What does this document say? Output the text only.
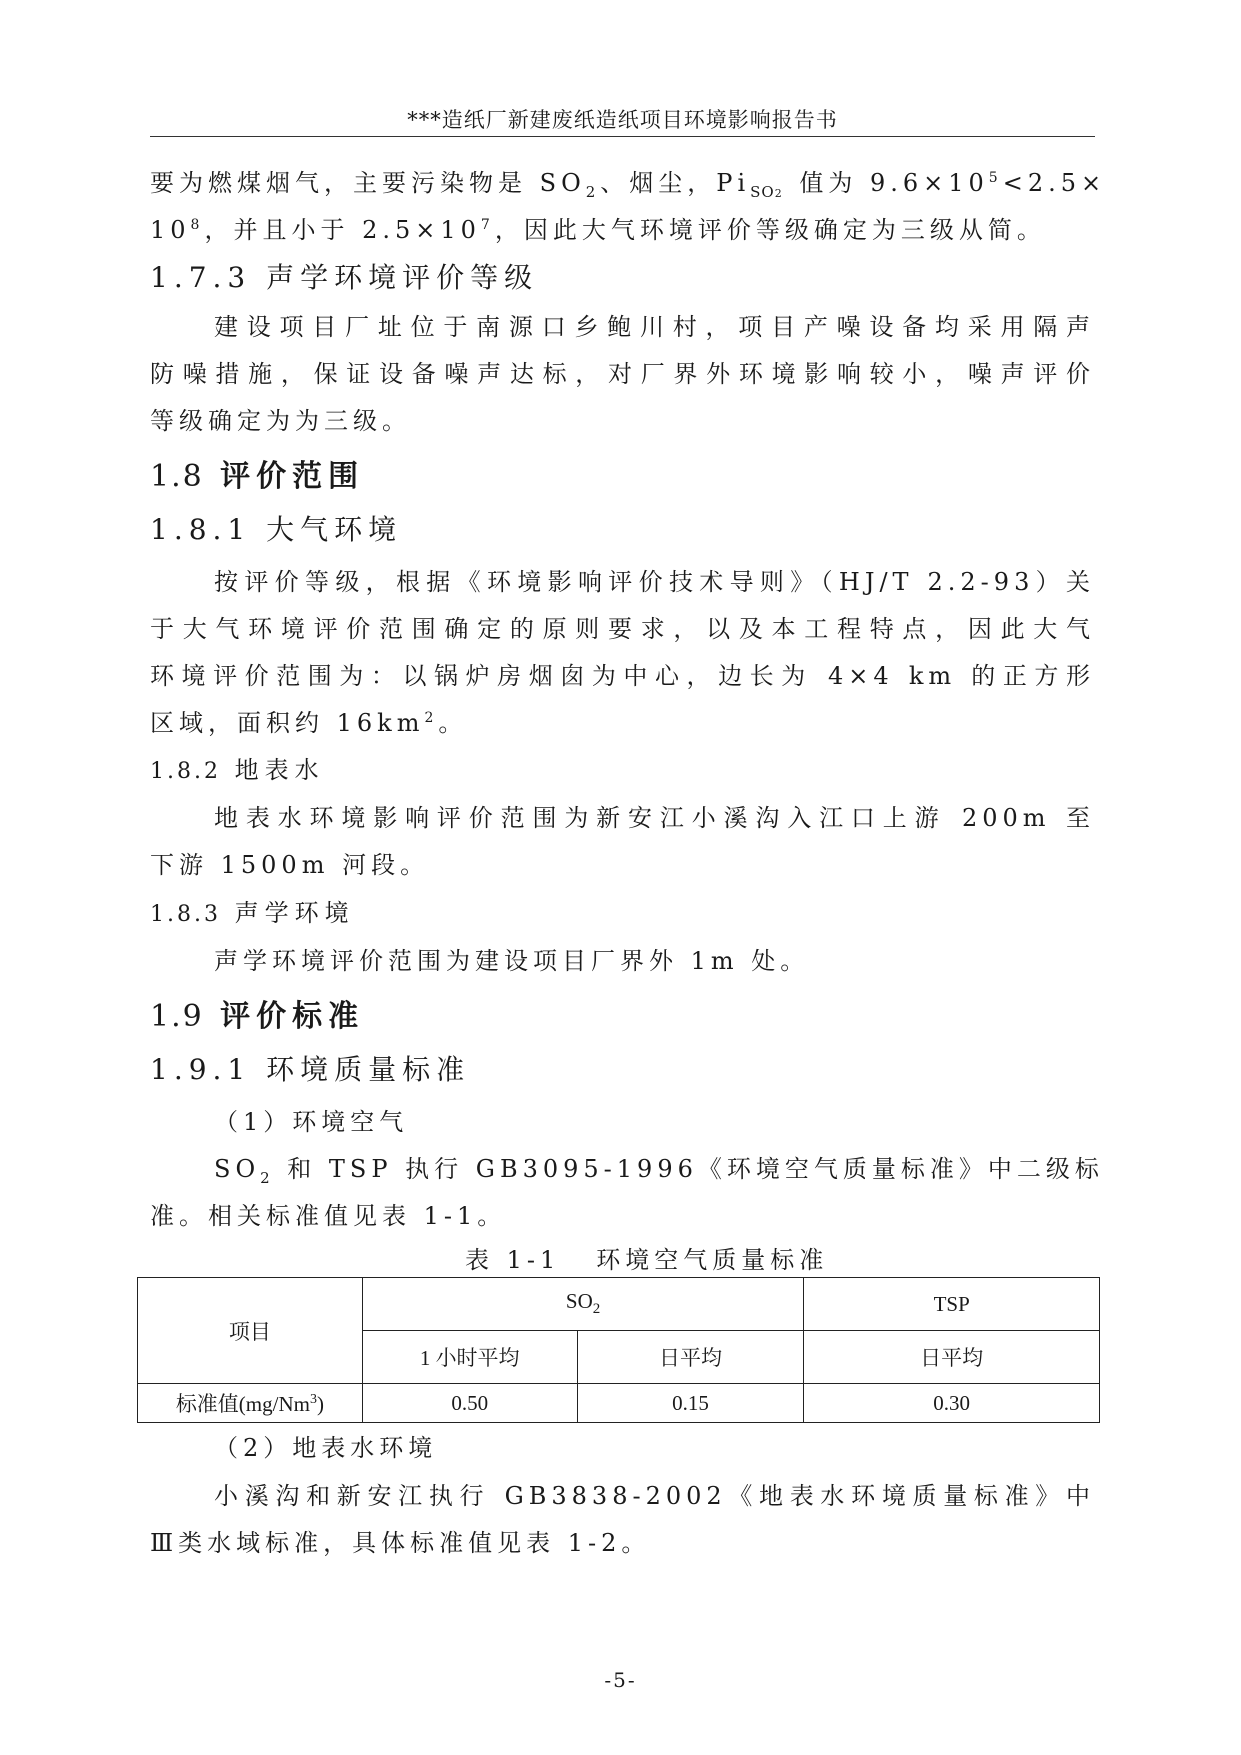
***造纸厂新建废纸造纸项目环境影响报告书
要为燃煤烟气，主要污染物是 $SO_2$、烟尘，$Pi_{SO2}$ 值为 $9.6\times 10^5<2.5\times$
$10^8$，并且小于 $2.5\times 10^7$，因此大气环境评价等级确定为三级从简。
1.7.3 声学环境评价等级
建设项目厂址位于南源口乡鲍川村，项目产噪设备均采用隔声
防噪措施，保证设备噪声达标，对厂界外环境影响较小，噪声评价
等级确定为为三级。
1.8 评价范围
1.8.1 大气环境
按评价等级，根据《环境影响评价技术导则》（HJ/T 2.2-93）关
于大气环境评价范围确定的原则要求，以及本工程特点，因此大气
环境评价范围为：以锅炉房烟囱为中心，边长为 4×4 km 的正方形
区域，面积约 $16km^2$。
1.8.2 地表水
地表水环境影响评价范围为新安江小溪沟入江口上游 200m 至
下游 1500m 河段。
1.8.3 声学环境
声学环境评价范围为建设项目厂界外 1m 处。
1.9 评价标准
1.9.1 环境质量标准
（1）环境空气
$SO_2$ 和 TSP 执行 GB3095-1996《环境空气质量标准》中二级标
准。相关标准值见表 1-1。
（2）地表水环境
小溪沟和新安江执行 GB3838-2002《地表水环境质量标准》中
Ⅲ类水域标准，具体标准值见表 1-2。
表 1-1 环境空气质量标准
项目	$SO_2$		TSP
	1 小时平均	日平均	日平均
标准值(mg/Nm$^3$)	0.50	0.15	0.30
-5-
